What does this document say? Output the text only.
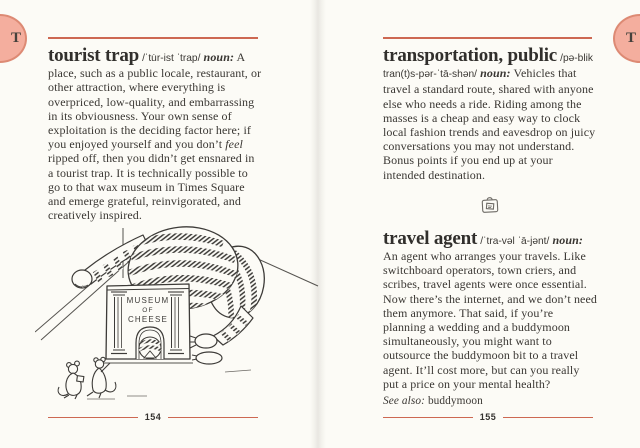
T	T

tourist trap /ˈtu̇r-ist ˈtrap/ noun: A place, such as a public locale, restaurant, or other attraction, where everything is overpriced, low-quality, and embarrassing in its obviousness. Your own sense of exploitation is the deciding factor here; if you enjoyed yourself and you don’t feel ripped off, then you didn’t get ensnared in a tourist trap. It is technically possible to go to that wax museum in Times Square and emerge grateful, reinvigorated, and creatively inspired.

MUSEUM
OF
CHEESE

transportation, public /pə-blik tran(t)s-pər-ˈtā-shən/ noun: Vehicles that travel a standard route, shared with anyone else who needs a ride. Riding among the masses is a cheap and easy way to clock local fashion trends and eavesdrop on juicy conversations you may not understand. Bonus points if you end up at your intended destination.

travel agent /ˈtra-vəl ˈā-jənt/ noun: An agent who arranges your travels. Like switchboard operators, town criers, and scribes, travel agents were once essential. Now there’s the internet, and we don’t need them anymore. That said, if you’re planning a wedding and a buddymoon simultaneously, you might want to outsource the buddymoon bit to a travel agent. It’ll cost more, but can you really put a price on your mental health?

See also: buddymoon

154	155
